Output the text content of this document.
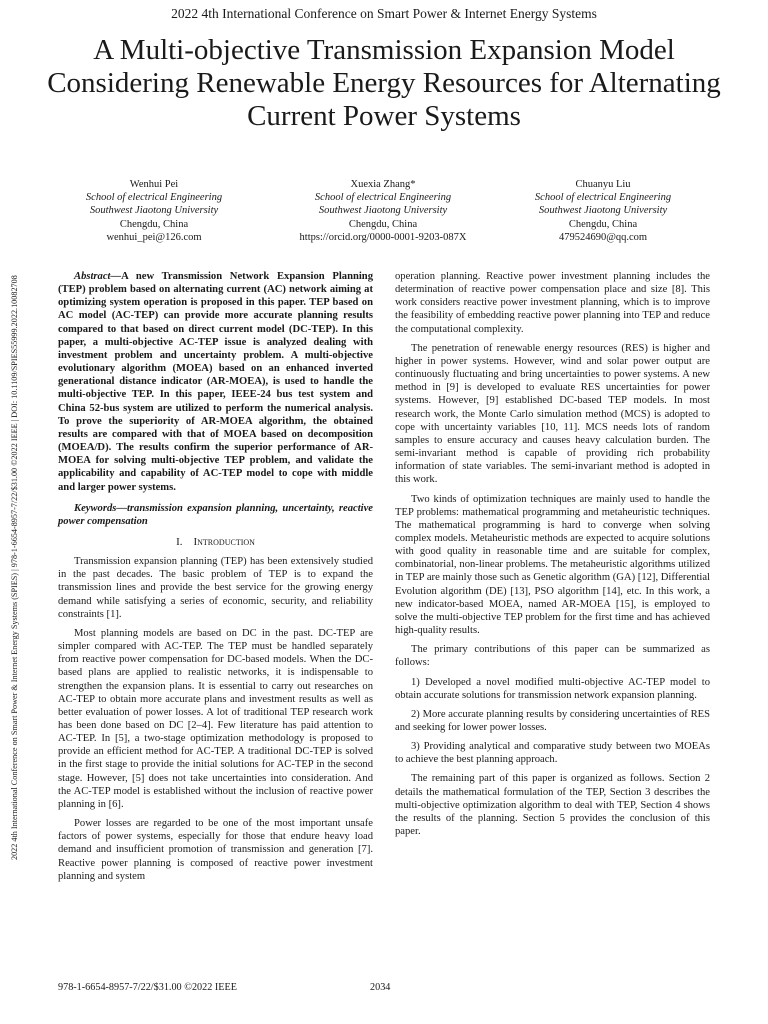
2022 4th International Conference on Smart Power & Internet Energy Systems
A Multi-objective Transmission Expansion Model Considering Renewable Energy Resources for Alternating Current Power Systems
2022 4th International Conference on Smart Power & Internet Energy Systems (SPIES) | 978-1-6654-8957-7/22/$31.00 ©2022 IEEE | DOI: 10.1109/SPIES55999.2022.10082708
Wenhui Pei
School of electrical Engineering
Southwest Jiaotong University
Chengdu, China
wenhui_pei@126.com
Xuexia Zhang*
School of electrical Engineering
Southwest Jiaotong University
Chengdu, China
https://orcid.org/0000-0001-9203-087X
Chuanyu Liu
School of electrical Engineering
Southwest Jiaotong University
Chengdu, China
479524690@qq.com

Abstract—A new Transmission Network Expansion Planning (TEP) problem based on alternating current (AC) network aiming at optimizing system operation is proposed in this paper. TEP based on AC model (AC-TEP) can provide more accurate planning results compared to that based on direct current model (DC-TEP). In this paper, a multi-objective AC-TEP issue is analyzed dealing with investment problem and uncertainty problem. A multi-objective evolutionary algorithm (MOEA) based on an enhanced inverted generational distance indicator (AR-MOEA), is used to handle the multi-objective TEP. In this paper, IEEE-24 bus test system and China 52-bus system are utilized to perform the numerical analysis. To prove the superiority of AR-MOEA algorithm, the obtained results are compared with that of MOEA based on decomposition (MOEA/D). The results confirm the superior performance of AR-MOEA for solving multi-objective TEP problem, and validate the applicability and capability of AC-TEP model to cope with middle and larger power systems.

Keywords—transmission expansion planning, uncertainty, reactive power compensation

I. Introduction

Transmission expansion planning (TEP) has been extensively studied in the past decades. The basic problem of TEP is to expand the transmission lines and provide the best service for the growing energy demand while satisfying a series of economic, security, and reliability constraints [1].

Most planning models are based on DC in the past. DC-TEP are simpler compared with AC-TEP. The TEP must be handled separately from reactive power compensation for DC-based models. When the DC-based plans are applied to realistic networks, it is indispensable to strengthen the expansion plans. It is essential to carry out researches on AC-TEP to obtain more accurate plans and investment results as well as better evaluation of power losses. A lot of traditional TEP research work has been done based on DC [2–4]. Few literature has paid attention to AC-TEP. In [5], a two-stage optimization methodology is proposed to provide an efficient method for AC-TEP. A traditional DC-TEP is solved in the first stage to provide the initial solutions for AC-TEP in the second stage. However, [5] does not take uncertainties into consideration. And the AC-TEP model is established without the inclusion of reactive power planning in [6].

Power losses are regarded to be one of the most important unsafe factors of power systems, especially for those that endure heavy load demand and insufficient promotion of transmission and generation [7]. Reactive power planning is composed of reactive power investment planning and system

operation planning. Reactive power investment planning includes the determination of reactive power compensation place and size [8]. This work considers reactive power investment planning, which is to improve the feasibility of embedding reactive power planning into TEP and reduce the computational complexity.

The penetration of renewable energy resources (RES) is higher and higher in power systems. However, wind and solar power output are continuously fluctuating and bring uncertainties to power systems. A new method in [9] is developed to evaluate RES uncertainties for power systems. However, [9] established DC-based TEP models. In most research work, the Monte Carlo simulation method (MCS) is adopted to cope with uncertainty variables [10, 11]. MCS needs lots of random samples to ensure accuracy and causes heavy calculation burden. The semi-invariant method is capable of providing rich probability information of state variables. The semi-invariant method is adopted in this work.

Two kinds of optimization techniques are mainly used to handle the TEP problems: mathematical programming and metaheuristic techniques. The mathematical programming is hard to converge when solving complex models. Metaheuristic methods are expected to acquire solutions with good quality in reasonable time and are suitable for complex, combinatorial, non-linear problems. The metaheuristic algorithms utilized in TEP are mainly those such as Genetic algorithm (GA) [12], Differential Evolution algorithm (DE) [13], PSO algorithm [14], etc. In this work, a new indicator-based MOEA, named AR-MOEA [15], is employed to solve the multi-objective TEP problem for the first time and has achieved high-quality results.

The primary contributions of this paper can be summarized as follows:

1) Developed a novel modified multi-objective AC-TEP model to obtain accurate solutions for transmission network expansion planning.

2) More accurate planning results by considering uncertainties of RES and seeking for lower power losses.

3) Providing analytical and comparative study between two MOEAs to achieve the best planning approach.

The remaining part of this paper is organized as follows. Section 2 details the mathematical formulation of the TEP, Section 3 describes the multi-objective optimization algorithm to deal with TEP, Section 4 shows the results of the planning. Section 5 provides the conclusion of this paper.

978-1-6654-8957-7/22/$31.00 ©2022 IEEE	2034
